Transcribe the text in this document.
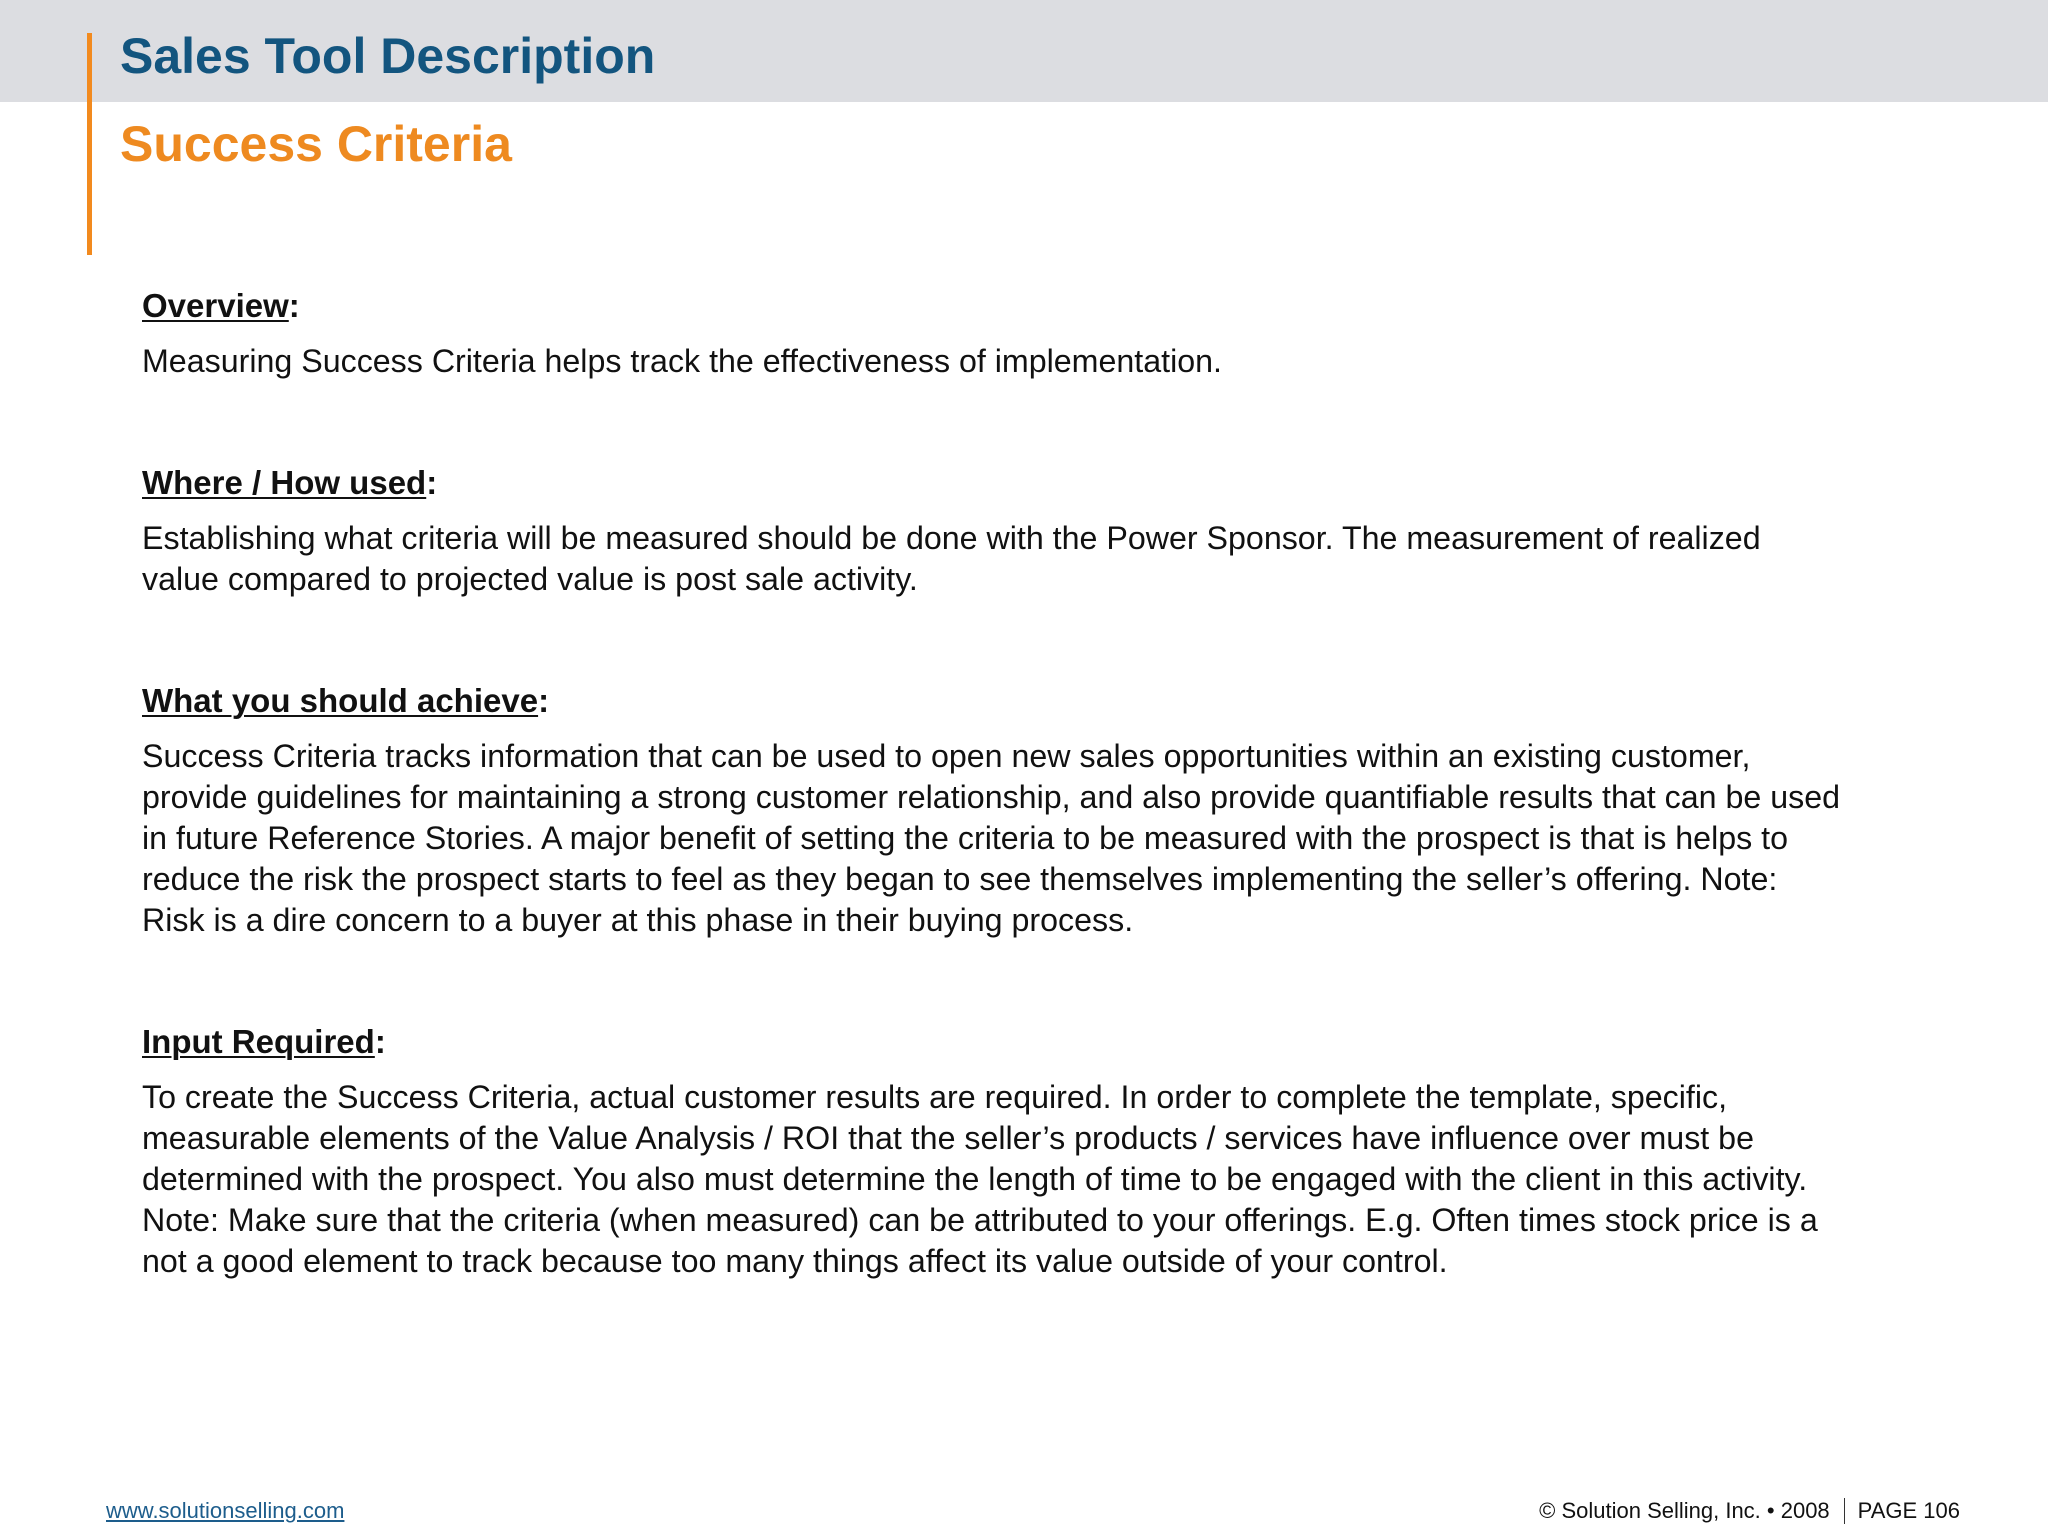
Sales Tool Description
Success Criteria
Overview:

Measuring Success Criteria helps track the effectiveness of implementation.

Where / How used:

Establishing what criteria will be measured should be done with the Power Sponsor. The measurement of realized
value compared to projected value is post sale activity.

What you should achieve:

Success Criteria tracks information that can be used to open new sales opportunities within an existing customer,
provide guidelines for maintaining a strong customer relationship, and also provide quantifiable results that can be used
in future Reference Stories. A major benefit of setting the criteria to be measured with the prospect is that is helps to
reduce the risk the prospect starts to feel as they began to see themselves implementing the seller’s offering. Note:
Risk is a dire concern to a buyer at this phase in their buying process.

Input Required:

To create the Success Criteria, actual customer results are required. In order to complete the template, specific,
measurable elements of the Value Analysis / ROI that the seller’s products / services have influence over must be
determined with the prospect. You also must determine the length of time to be engaged with the client in this activity.
Note: Make sure that the criteria (when measured) can be attributed to your offerings. E.g. Often times stock price is a
not a good element to track because too many things affect its value outside of your control.

www.solutionselling.com	© Solution Selling, Inc. • 2008 PAGE 106
